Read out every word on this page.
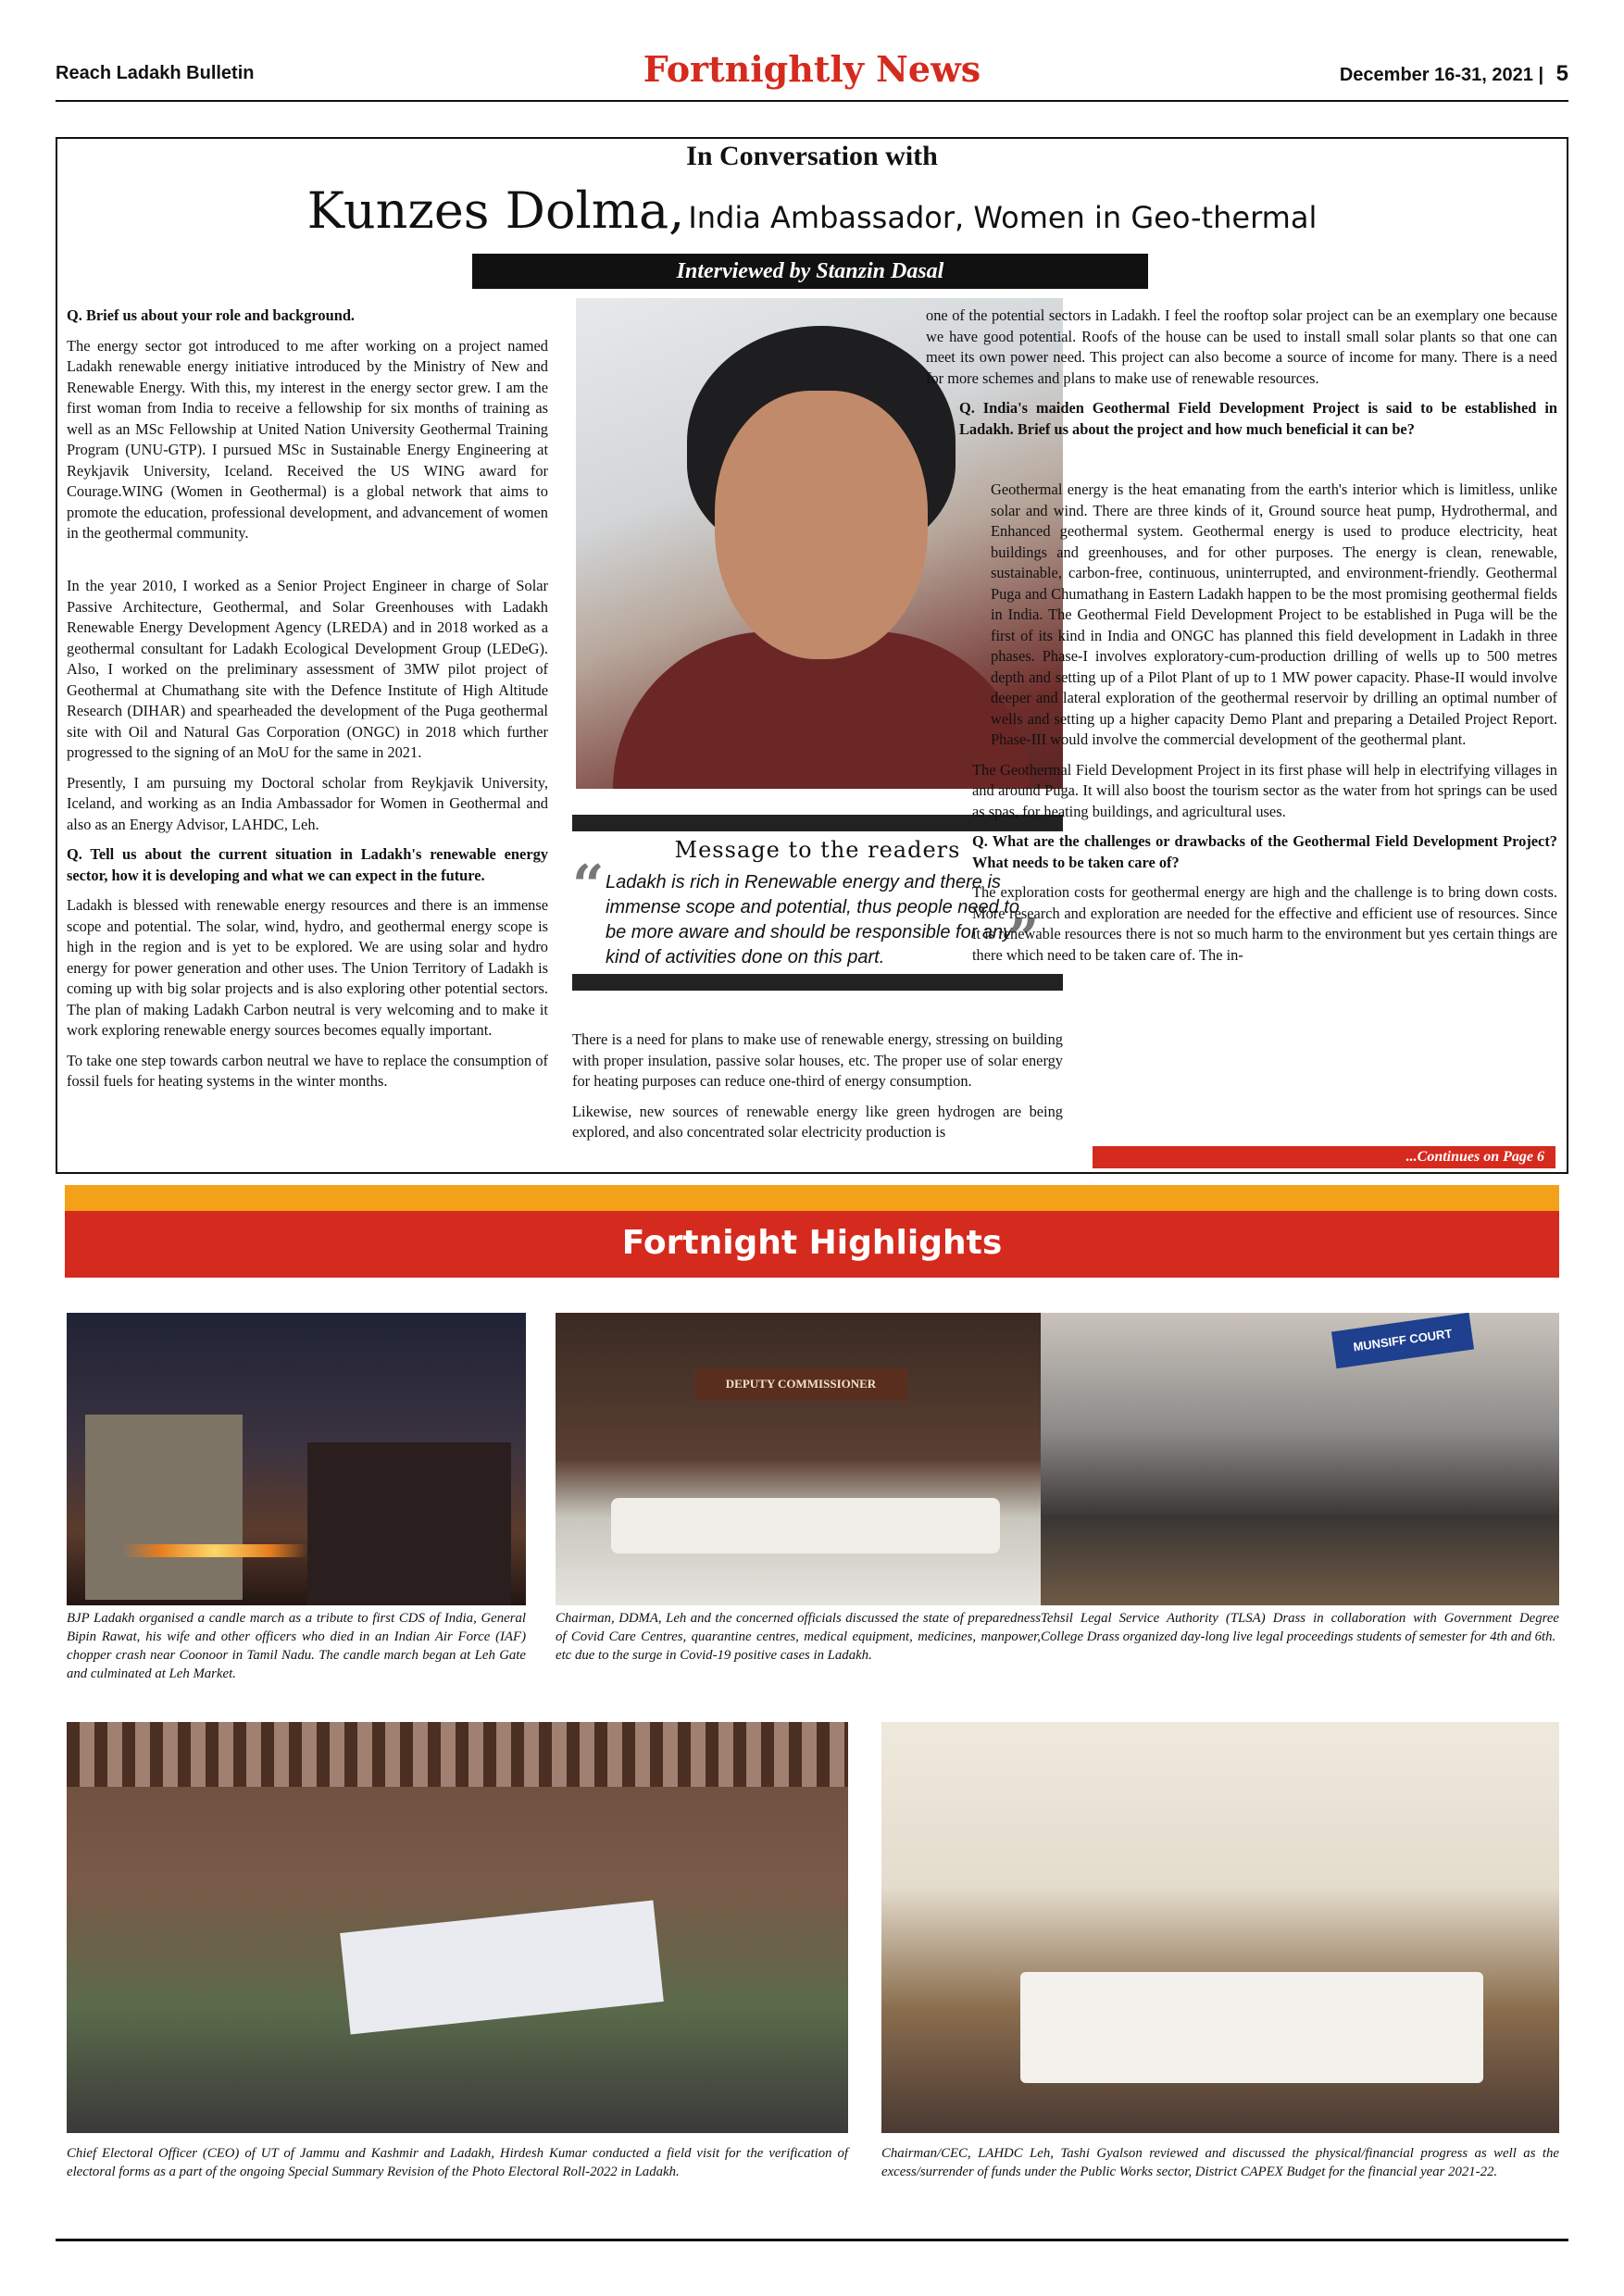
Reach Ladakh Bulletin	Fortnightly News	December 16-31, 2021 | 5
In Conversation with
Kunzes Dolma, India Ambassador, Women in Geo-thermal
Interviewed by Stanzin Dasal

Q. Brief us about your role and background.

The energy sector got introduced to me after working on a project named Ladakh renewable energy initiative introduced by the Ministry of New and Renewable Energy. With this, my interest in the energy sector grew. I am the first woman from India to receive a fellowship for six months of training as well as an MSc Fellowship at United Nation University Geothermal Training Program (UNU-GTP). I pursued MSc in Sustainable Energy Engineering at Reykjavik University, Iceland. Received the US WING award for Courage.WING (Women in Geothermal) is a global network that aims to promote the education, professional development, and advancement of women in the geothermal community.

In the year 2010, I worked as a Senior Project Engineer in charge of Solar Passive Architecture, Geothermal, and Solar Greenhouses with Ladakh Renewable Energy Development Agency (LREDA) and in 2018 worked as a geothermal consultant for Ladakh Ecological Development Group (LEDeG). Also, I worked on the preliminary assessment of 3MW pilot project of Geothermal at Chumathang site with the Defence Institute of High Altitude Research (DIHAR) and spearheaded the development of the Puga geothermal site with Oil and Natural Gas Corporation (ONGC) in 2018 which further progressed to the signing of an MoU for the same in 2021.

Presently, I am pursuing my Doctoral scholar from Reykjavik University, Iceland, and working as an India Ambassador for Women in Geothermal and also as an Energy Advisor, LAHDC, Leh.

Q. Tell us about the current situation in Ladakh's renewable energy sector, how it is developing and what we can expect in the future.

Ladakh is blessed with renewable energy resources and there is an immense scope and potential. The solar, wind, hydro, and geothermal energy scope is high in the region and is yet to be explored. We are using solar and hydro energy for power generation and other uses. The Union Territory of Ladakh is coming up with big solar projects and is also exploring other potential sectors. The plan of making Ladakh Carbon neutral is very welcoming and to make it work exploring renewable energy sources becomes equally important.

To take one step towards carbon neutral we have to replace the consumption of fossil fuels for heating systems in the winter months.

Message to the readers
“ Ladakh is rich in Renewable energy and there is immense scope and potential, thus people need to be more aware and should be responsible for any kind of activities done on this part.	”

There is a need for plans to make use of renewable energy, stressing on building with proper insulation, passive solar houses, etc. The proper use of solar energy for heating purposes can reduce one-third of energy consumption.

Likewise, new sources of renewable energy like green hydrogen are being explored, and also concentrated solar electricity production is

one of the potential sectors in Ladakh. I feel the rooftop solar project can be an exemplary one because we have good potential. Roofs of the house can be used to install small solar plants so that one can meet its own power need. This project can also become a source of income for many. There is a need for more schemes and plans to make use of renewable resources.

Q. India's maiden Geothermal Field Development Project is said to be established in Ladakh. Brief us about the project and how much beneficial it can be?

Geothermal energy is the heat emanating from the earth's interior which is limitless, unlike solar and wind. There are three kinds of it, Ground source heat pump, Hydrothermal, and Enhanced geothermal system. Geothermal energy is used to produce electricity, heat buildings and greenhouses, and for other purposes. The energy is clean, renewable, sustainable, carbon-free, continuous, uninterrupted, and environment-friendly. Geothermal Puga and Chumathang in Eastern Ladakh happen to be the most promising geothermal fields in India. The Geothermal Field Development Project to be established in Puga will be the first of its kind in India and ONGC has planned this field development in Ladakh in three phases. Phase-I involves exploratory-cum-production drilling of wells up to 500 metres depth and setting up of a Pilot Plant of up to 1 MW power capacity. Phase-II would involve deeper and lateral exploration of the geothermal reservoir by drilling an optimal number of wells and setting up a higher capacity Demo Plant and preparing a Detailed Project Report. Phase-III would involve the commercial development of the geothermal plant.

The Geothermal Field Development Project in its first phase will help in electrifying villages in and around Puga. It will also boost the tourism sector as the water from hot springs can be used as spas, for heating buildings, and agricultural uses.

Q. What are the challenges or drawbacks of the Geothermal Field Development Project? What needs to be taken care of?

The exploration costs for geothermal energy are high and the challenge is to bring down costs. More research and exploration are needed for the effective and efficient use of resources. Since it is renewable resources there is not so much harm to the environment but yes certain things are there which need to be taken care of. The in-

...Continues on Page 6
Fortnight Highlights
BJP Ladakh organised a candle march as a tribute to first CDS of India, General Bipin Rawat, his wife and other officers who died in an Indian Air Force (IAF) chopper crash near Coonoor in Tamil Nadu. The candle march began at Leh Gate and culminated at Leh Market.
DEPUTY COMMISSIONER
Chairman, DDMA, Leh and the concerned officials discussed the state of preparedness of Covid Care Centres, quarantine centres, medical equipment, medicines, manpower, etc due to the surge in Covid-19 positive cases in Ladakh.
MUNSIFF COURT
Tehsil Legal Service Authority (TLSA) Drass in collaboration with Government Degree College Drass organized day-long live legal proceedings students of semester for 4th and 6th.
Chief Electoral Officer (CEO) of UT of Jammu and Kashmir and Ladakh, Hirdesh Kumar conducted a field visit for the verification of electoral forms as a part of the ongoing Special Summary Revision of the Photo Electoral Roll-2022 in Ladakh.
Chairman/CEC, LAHDC Leh, Tashi Gyalson reviewed and discussed the physical/financial progress as well as the excess/surrender of funds under the Public Works sector, District CAPEX Budget for the financial year 2021-22.
